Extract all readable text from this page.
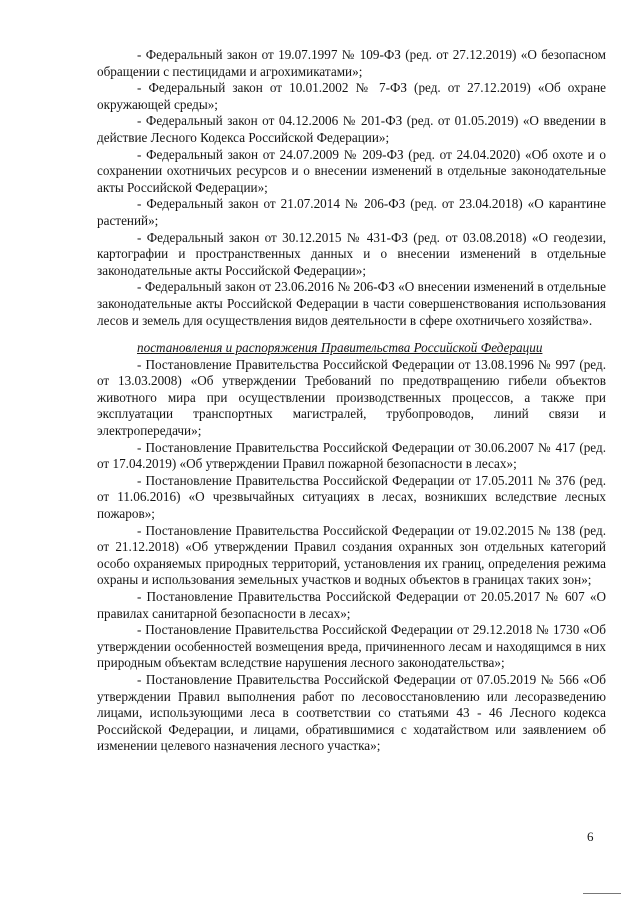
- Федеральный закон от 19.07.1997 № 109-ФЗ (ред. от 27.12.2019) «О безопасном обращении с пестицидами и агрохимикатами»;

- Федеральный закон от 10.01.2002 № 7-ФЗ (ред. от 27.12.2019) «Об охране окружающей среды»;

- Федеральный закон от 04.12.2006 № 201-ФЗ (ред. от 01.05.2019) «О введении в действие Лесного Кодекса Российской Федерации»;

- Федеральный закон от 24.07.2009 № 209-ФЗ (ред. от 24.04.2020) «Об охоте и о сохранении охотничьих ресурсов и о внесении изменений в отдельные законодательные акты Российской Федерации»;

- Федеральный закон от 21.07.2014 № 206-ФЗ (ред. от 23.04.2018) «О карантине растений»;

- Федеральный закон от 30.12.2015 № 431-ФЗ (ред. от 03.08.2018) «О геодезии, картографии и пространственных данных и о внесении изменений в отдельные законодательные акты Российской Федерации»;

- Федеральный закон от 23.06.2016 № 206-ФЗ «О внесении изменений в отдельные законодательные акты Российской Федерации в части совершенствования использования лесов и земель для осуществления видов деятельности в сфере охотничьего хозяйства».

постановления и распоряжения Правительства Российской Федерации

- Постановление Правительства Российской Федерации от 13.08.1996 № 997 (ред. от 13.03.2008) «Об утверждении Требований по предотвращению гибели объектов животного мира при осуществлении производственных процессов, а также при эксплуатации транспортных магистралей, трубопроводов, линий связи и электропередачи»;

- Постановление Правительства Российской Федерации от 30.06.2007 № 417 (ред. от 17.04.2019) «Об утверждении Правил пожарной безопасности в лесах»;

- Постановление Правительства Российской Федерации от 17.05.2011 № 376 (ред. от 11.06.2016) «О чрезвычайных ситуациях в лесах, возникших вследствие лесных пожаров»;

- Постановление Правительства Российской Федерации от 19.02.2015 № 138 (ред. от 21.12.2018) «Об утверждении Правил создания охранных зон отдельных категорий особо охраняемых природных территорий, установления их границ, определения режима охраны и использования земельных участков и водных объектов в границах таких зон»;

- Постановление Правительства Российской Федерации от 20.05.2017 № 607 «О правилах санитарной безопасности в лесах»;

- Постановление Правительства Российской Федерации от 29.12.2018 № 1730 «Об утверждении особенностей возмещения вреда, причиненного лесам и находящимся в них природным объектам вследствие нарушения лесного законодательства»;

- Постановление Правительства Российской Федерации от 07.05.2019 № 566 «Об утверждении Правил выполнения работ по лесовосстановлению или лесоразведению лицами, использующими леса в соответствии со статьями 43 - 46 Лесного кодекса Российской Федерации, и лицами, обратившимися с ходатайством или заявлением об изменении целевого назначения лесного участка»;

6
